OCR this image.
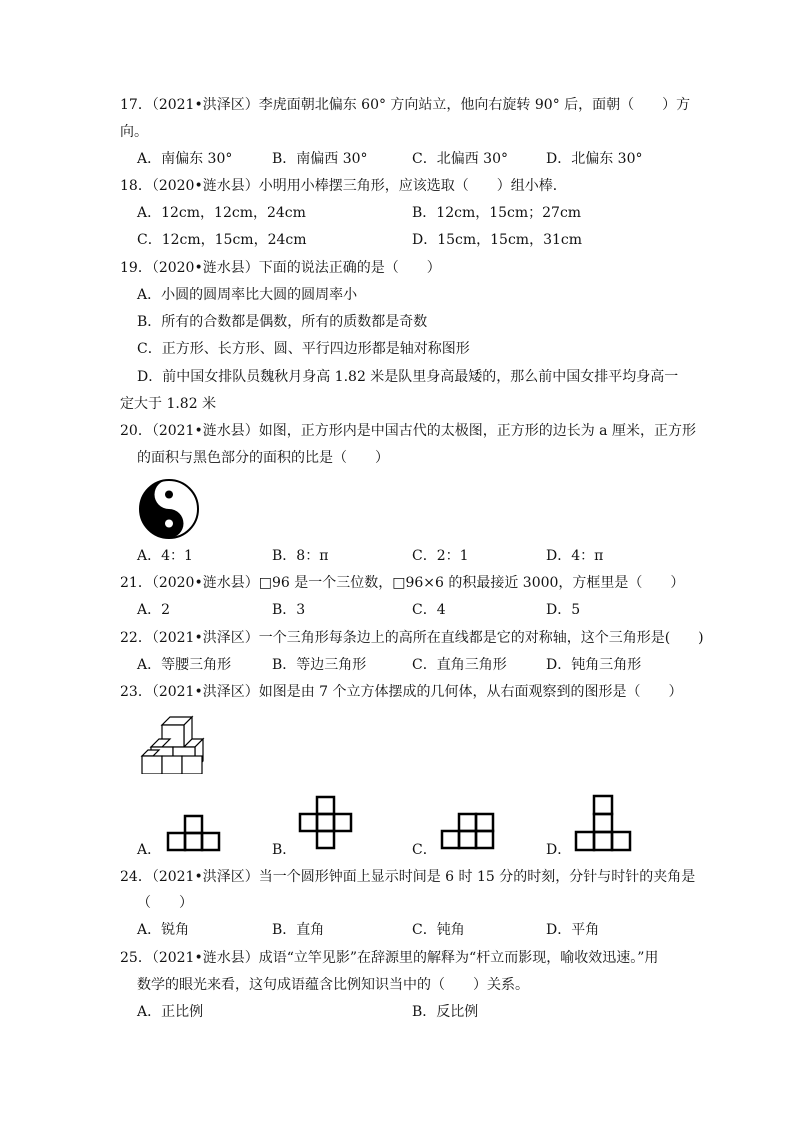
17．（2021•洪泽区）李虎面朝北偏东 60° 方向站立，他向右旋转 90° 后，面朝（　　）方
向。
A．南偏东 30°	B．南偏西 30°	C．北偏西 30°	D．北偏东 30°
18．（2020•涟水县）小明用小棒摆三角形，应该选取（　　）组小棒．
A．12cm，12cm，24cm	B．12cm，15cm；27cm
C．12cm，15cm，24cm	D．15cm，15cm，31cm
19．（2020•涟水县）下面的说法正确的是（　　）
A．小圆的圆周率比大圆的圆周率小
B．所有的合数都是偶数，所有的质数都是奇数
C．正方形、长方形、圆、平行四边形都是轴对称图形
D．前中国女排队员魏秋月身高 1.82 米是队里身高最矮的，那么前中国女排平均身高一
定大于 1.82 米
20．（2021•涟水县）如图，正方形内是中国古代的太极图，正方形的边长为 a 厘米，正方形
的面积与黑色部分的面积的比是（　　）
A．4：1	B．8：π	C．2：1	D．4：π
21．（2020•涟水县）□96 是一个三位数，□96×6 的积最接近 3000，方框里是（　　）
A．2	B．3	C．4	D．5
22．（2021•洪泽区）一个三角形每条边上的高所在直线都是它的对称轴，这个三角形是(　　)
A．等腰三角形	B．等边三角形	C．直角三角形	D．钝角三角形
23．（2021•洪泽区）如图是由 7 个立方体摆成的几何体，从右面观察到的图形是（　　）
A．	B．	C．	D．
24．（2021•洪泽区）当一个圆形钟面上显示时间是 6 时 15 分的时刻，分针与时针的夹角是
（　　）
A．锐角	B．直角	C．钝角	D．平角
25．（2021•涟水县）成语“立竿见影”在辞源里的解释为“杆立而影现，喻收效迅速。”用
数学的眼光来看，这句成语蕴含比例知识当中的（　　）关系。
A．正比例	B．反比例
